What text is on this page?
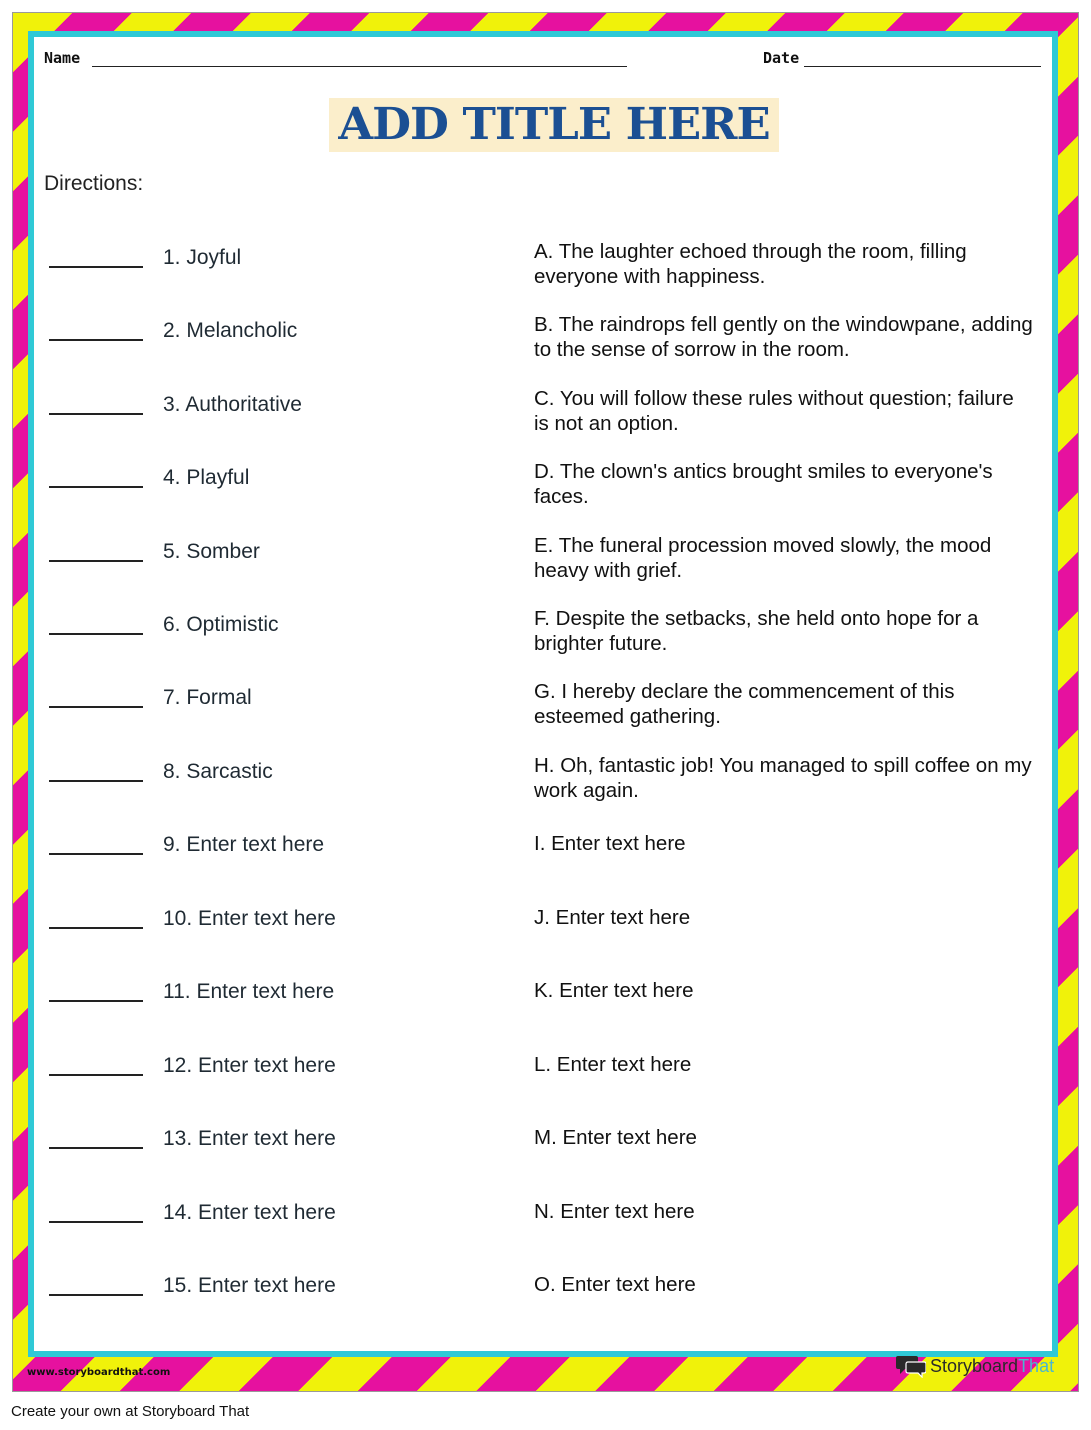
Name	Date
ADD TITLE HERE
Directions:
1. Joyful	A. The laughter echoed through the room, filling everyone with happiness.
2. Melancholic	B. The raindrops fell gently on the windowpane, adding to the sense of sorrow in the room.
3. Authoritative	C. You will follow these rules without question; failure is not an option.
4. Playful	D. The clown's antics brought smiles to everyone's faces.
5. Somber	E. The funeral procession moved slowly, the mood heavy with grief.
6. Optimistic	F. Despite the setbacks, she held onto hope for a brighter future.
7. Formal	G. I hereby declare the commencement of this esteemed gathering.
8. Sarcastic	H. Oh, fantastic job! You managed to spill coffee on my work again.
9. Enter text here	I. Enter text here
10. Enter text here	J. Enter text here
11. Enter text here	K. Enter text here
12. Enter text here	L. Enter text here
13. Enter text here	M. Enter text here
14. Enter text here	N. Enter text here
15. Enter text here	O. Enter text here
www.storyboardthat.com	Storyboard That
Create your own at Storyboard That
